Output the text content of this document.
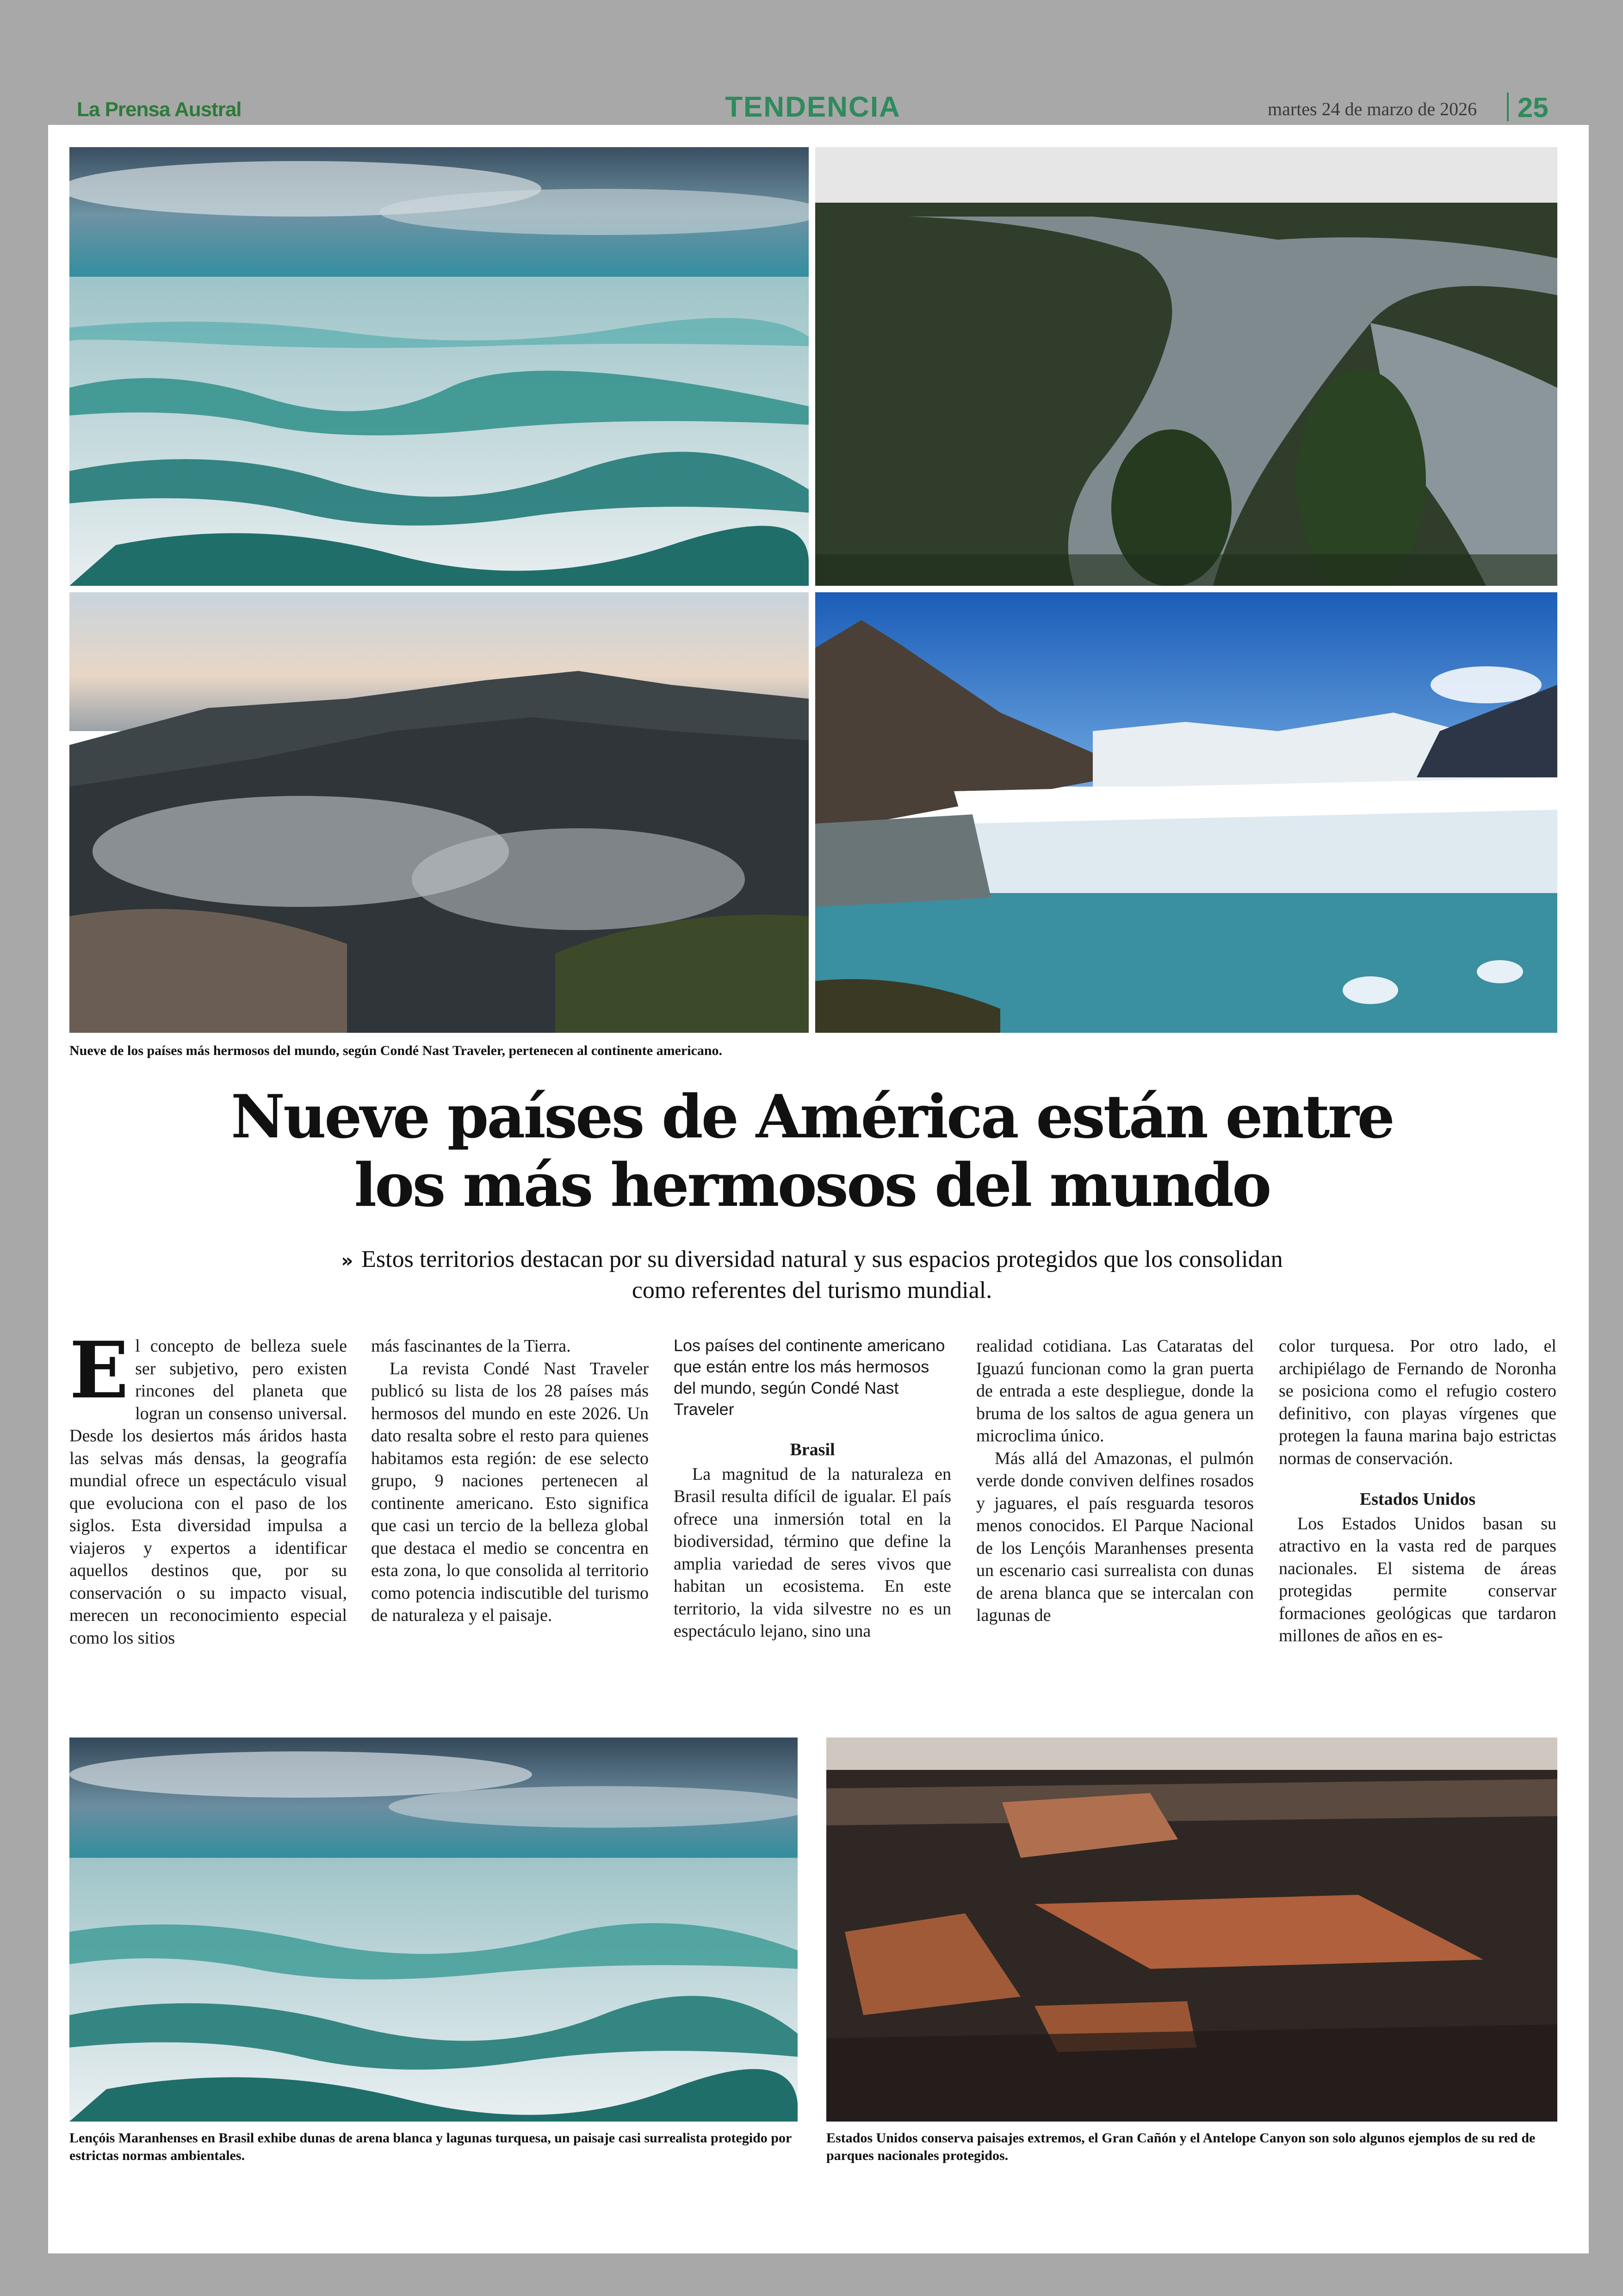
La Prensa Austral	TENDENCIA	martes 24 de marzo de 2026 25
Nueve de los países más hermosos del mundo, según Condé Nast Traveler, pertenecen al continente americano.
Nueve países de América están entre
los más hermosos del mundo
» Estos territorios destacan por su diversidad natural y sus espacios protegidos que los consolidan como referentes del turismo mundial.

El concepto de belleza suele ser subjetivo, pero existen rincones del planeta que logran un consenso universal. Desde los desiertos más áridos hasta las selvas más densas, la geografía mundial ofrece un espectáculo visual que evoluciona con el paso de los siglos. Esta diversidad impulsa a viajeros y expertos a identificar aquellos destinos que, por su conservación o su impacto visual, merecen un reconocimiento especial como los sitios

más fascinantes de la Tierra.

La revista Condé Nast Traveler publicó su lista de los 28 países más hermosos del mundo en este 2026. Un dato resalta sobre el resto para quienes habitamos esta región: de ese selecto grupo, 9 naciones pertenecen al continente americano. Esto significa que casi un tercio de la belleza global que destaca el medio se concentra en esta zona, lo que consolida al territorio como potencia indiscutible del turismo de naturaleza y el paisaje.

Los países del continente americano que están entre los más hermosos del mundo, según Condé Nast Traveler

Brasil

La magnitud de la naturaleza en Brasil resulta difícil de igualar. El país ofrece una inmersión total en la biodiversidad, término que define la amplia variedad de seres vivos que habitan un ecosistema. En este territorio, la vida silvestre no es un espectáculo lejano, sino una

realidad cotidiana. Las Cataratas del Iguazú funcionan como la gran puerta de entrada a este despliegue, donde la bruma de los saltos de agua genera un microclima único.

Más allá del Amazonas, el pulmón verde donde conviven delfines rosados y jaguares, el país resguarda tesoros menos conocidos. El Parque Nacional de los Lençóis Maranhenses presenta un escenario casi surrealista con dunas de arena blanca que se intercalan con lagunas de

color turquesa. Por otro lado, el archipiélago de Fernando de Noronha se posiciona como el refugio costero definitivo, con playas vírgenes que protegen la fauna marina bajo estrictas normas de conservación.

Estados Unidos

Los Estados Unidos basan su atractivo en la vasta red de parques nacionales. El sistema de áreas protegidas permite conservar formaciones geológicas que tardaron millones de años en es-

Lençóis Maranhenses en Brasil exhibe dunas de arena blanca y lagunas turquesa, un paisaje casi surrealista protegido por estrictas normas ambientales.
Estados Unidos conserva paisajes extremos, el Gran Cañón y el Antelope Canyon son solo algunos ejemplos de su red de parques nacionales protegidos.
